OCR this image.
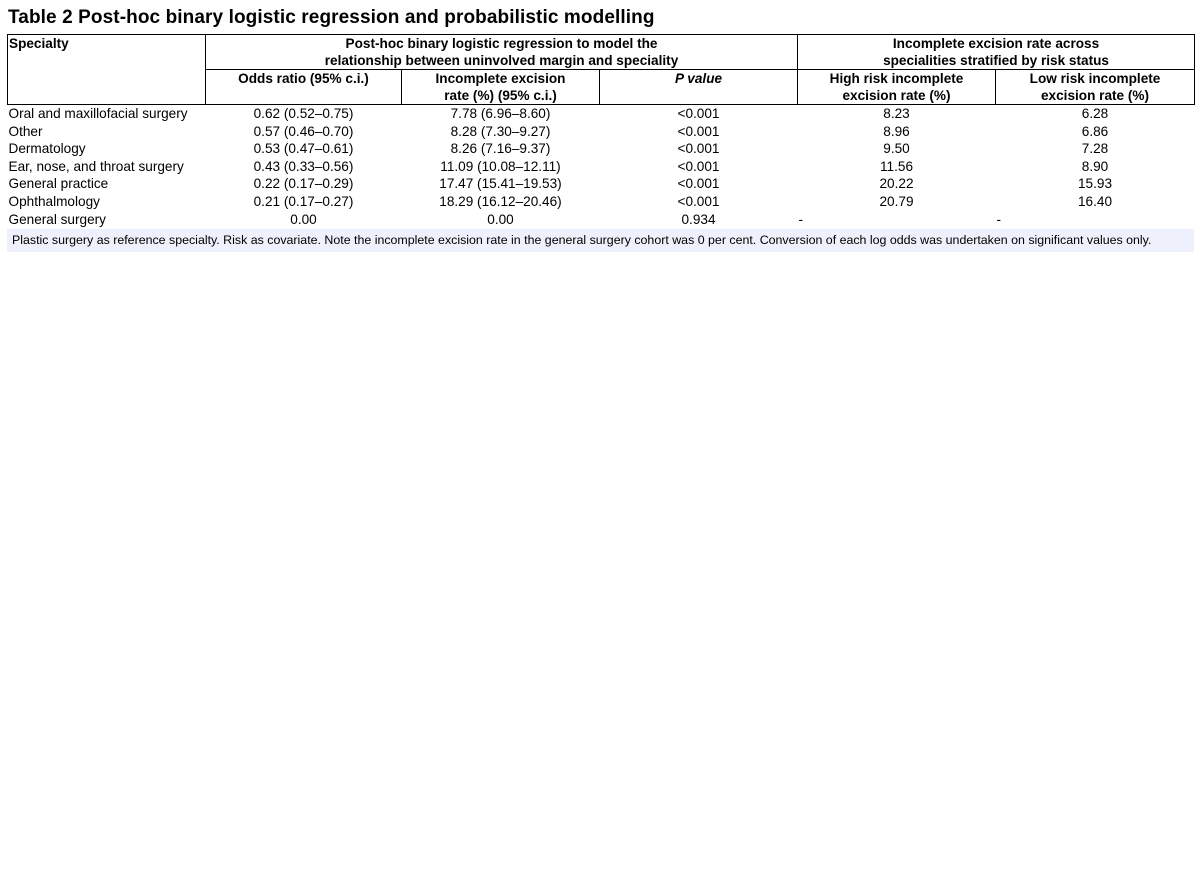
Table 2 Post-hoc binary logistic regression and probabilistic modelling
Specialty	Post-hoc binary logistic regression to model the relationship between uninvolved margin and speciality			Incomplete excision rate across specialities stratified by risk status	
	Odds ratio (95% c.i.)	Incomplete excision rate (%) (95% c.i.)	P value	High risk incomplete excision rate (%)	Low risk incomplete excision rate (%)
Oral and maxillofacial surgery	0.62 (0.52–0.75)	7.78 (6.96–8.60)	<0.001	8.23	6.28
Other	0.57 (0.46–0.70)	8.28 (7.30–9.27)	<0.001	8.96	6.86
Dermatology	0.53 (0.47–0.61)	8.26 (7.16–9.37)	<0.001	9.50	7.28
Ear, nose, and throat surgery	0.43 (0.33–0.56)	11.09 (10.08–12.11)	<0.001	11.56	8.90
General practice	0.22 (0.17–0.29)	17.47 (15.41–19.53)	<0.001	20.22	15.93
Ophthalmology	0.21 (0.17–0.27)	18.29 (16.12–20.46)	<0.001	20.79	16.40
General surgery	0.00	0.00	0.934	-	-
Plastic surgery as reference specialty. Risk as covariate. Note the incomplete excision rate in the general surgery cohort was 0 per cent. Conversion of each log odds was undertaken on significant values only.
